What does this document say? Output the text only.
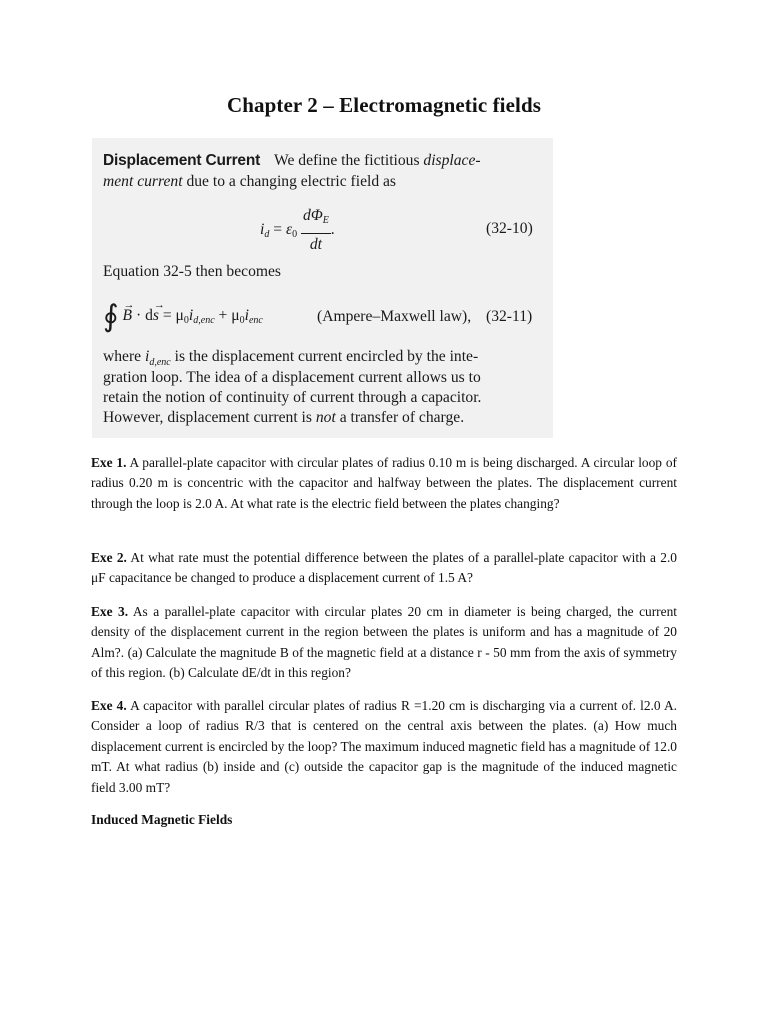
Chapter 2 – Electromagnetic fields
Displacement Current We define the fictitious displace-
ment current due to a changing electric field as
$i_d = \varepsilon_0 \frac{d\Phi_E}{dt}$ .	(32-10)
Equation 32-5 then becomes
∮ → $B \cdot d\to s = \mu_0i_{d,enc} + \mu_0i_{enc}$	(Ampere–Maxwell law), (32-11)
where $i_{d,enc}$ is the displacement current encircled by the inte-
gration loop. The idea of a displacement current allows us to
retain the notion of continuity of current through a capacitor.
However, displacement current is not a transfer of charge.

Exe 1. A parallel-plate capacitor with circular plates of radius 0.10 m is being discharged. A circular loop of radius 0.20 m is concentric with the capacitor and halfway between the plates. The displacement current through the loop is 2.0 A. At what rate is the electric field between the plates changing?

Exe 2. At what rate must the potential difference between the plates of a parallel-plate capacitor with a 2.0 μF capacitance be changed to produce a displacement current of 1.5 A?

Exe 3. As a parallel-plate capacitor with circular plates 20 cm in diameter is being charged, the current density of the displacement current in the region between the plates is uniform and has a magnitude of 20 Alm?. (a) Calculate the magnitude B of the magnetic field at a distance r - 50 mm from the axis of symmetry of this region. (b) Calculate dE/dt in this region?

Exe 4. A capacitor with parallel circular plates of radius R =1.20 cm is discharging via a current of. l2.0 A. Consider a loop of radius R/3 that is centered on the central axis between the plates. (a) How much displacement current is encircled by the loop? The maximum induced magnetic field has a magnitude of 12.0 mT. At what radius (b) inside and (c) outside the capacitor gap is the magnitude of the induced magnetic field 3.00 mT?

Induced Magnetic Fields
